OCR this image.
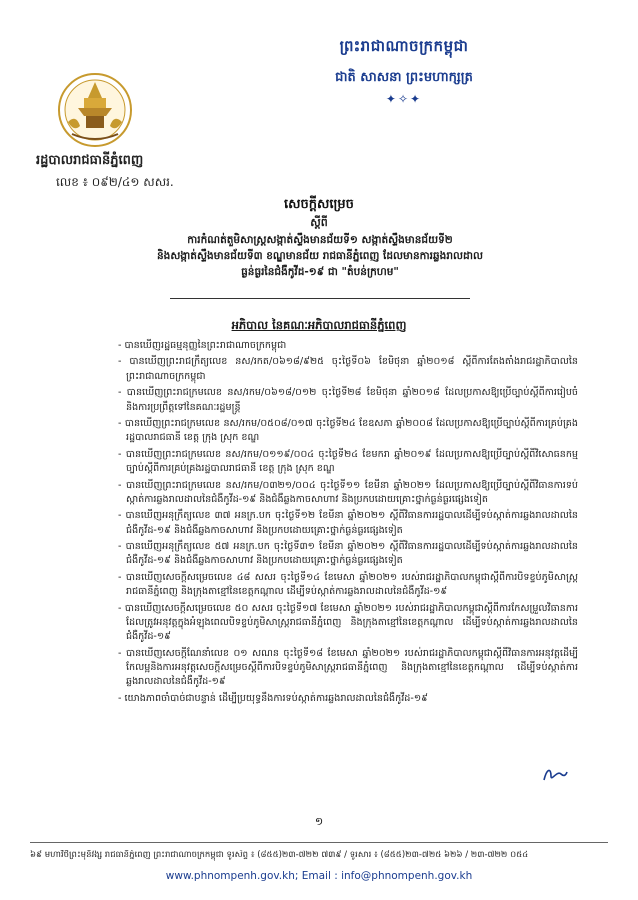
ព្រះរាជាណាចក្រកម្ពុជា
ជាតិ សាសនា ព្រះមហាក្សត្រ
✦✧✦
រដ្ឋបាលរាជធានីភ្នំពេញ
លេខ ៖ ០៩២/៤១ សសរ.
សេចក្តីសម្រេច
ស្តីពី
ការកំណត់តួមិសាស្ត្រសង្កាត់ស្ទឹងមានជ័យទី១ សង្កាត់ស្ទឹងមានជ័យទី២
និងសង្កាត់ស្ទឹងមានជ័យទី៣ ខណ្ឌមានជ័យ រាជធានីភ្នំពេញ ដែលមានការឆ្លងរាលដាល
ធ្ងន់ធ្ងរនៃជំងឺកូវីដ-១៩ ជា "តំបន់ក្រហម"
អភិបាល នៃគណៈអភិបាលរាជធានីភ្នំពេញ
- បានឃើញរដ្ឋធម្មនុញ្ញនៃព្រះរាជាណាចក្រកម្ពុជា
- បានឃើញព្រះរាជក្រឹត្យលេខ នស/រកត/០៦១៨/៩២៥ ចុះថ្ងៃទី០៦ ខែមិថុនា ឆ្នាំ២០១៨ ស្តីពីការតែងតាំងរាជរដ្ឋាភិបាលនៃព្រះរាជាណាចក្រកម្ពុជា
- បានឃើញព្រះរាជក្រមលេខ នស/រកម/០៦១៨/០១២ ចុះថ្ងៃទី២៨ ខែមិថុនា ឆ្នាំ២០១៨ ដែលប្រកាសឱ្យប្រើច្បាប់ស្តីពីការរៀបចំ និងការប្រព្រឹត្តទៅនៃគណៈរដ្ឋមន្ត្រី
- បានឃើញព្រះរាជក្រមលេខ នស/រកម/០៥០៨/០១៧ ចុះថ្ងៃទី២៤ ខែឧសភា ឆ្នាំ២០០៨ ដែលប្រកាសឱ្យប្រើច្បាប់ស្តីពីការគ្រប់គ្រងរដ្ឋបាលរាជធានី ខេត្ត ក្រុង ស្រុក ខណ្ឌ
- បានឃើញព្រះរាជក្រមលេខ នស/រកម/០១១៩/០០៤ ចុះថ្ងៃទី២៤ ខែមករា ឆ្នាំ២០១៩ ដែលប្រកាសឱ្យប្រើច្បាប់ស្តីពីវិសោធនកម្មច្បាប់ស្តីពីការគ្រប់គ្រងរដ្ឋបាលរាជធានី ខេត្ត ក្រុង ស្រុក ខណ្ឌ
- បានឃើញព្រះរាជក្រមលេខ នស/រកម/០៣២១/០០៤ ចុះថ្ងៃទី១១ ខែមីនា ឆ្នាំ២០២១ ដែលប្រកាសឱ្យប្រើច្បាប់ស្តីពីវិធានការទប់ស្កាត់ការឆ្លងរាលដាលនៃជំងឺកូវីដ-១៩ និងជំងឺឆ្លងកាចសាហាវ និងប្រកបដោយគ្រោះថ្នាក់ធ្ងន់ធ្ងរផ្សេងទៀត
- បានឃើញអនុក្រឹត្យលេខ ៣៧ អនក្រ.បក ចុះថ្ងៃទី១២ ខែមីនា ឆ្នាំ២០២១ ស្តីពីវិធានការរដ្ឋបាលដើម្បីទប់ស្កាត់ការឆ្លងរាលដាលនៃជំងឺកូវីដ-១៩ និងជំងឺឆ្លងកាចសាហាវ និងប្រកបដោយគ្រោះថ្នាក់ធ្ងន់ធ្ងរផ្សេងទៀត
- បានឃើញអនុក្រឹត្យលេខ ៥៧ អនក្រ.បក ចុះថ្ងៃទី៣១ ខែមីនា ឆ្នាំ២០២១ ស្តីពីវិធានការរដ្ឋបាលដើម្បីទប់ស្កាត់ការឆ្លងរាលដាលនៃជំងឺកូវីដ-១៩ និងជំងឺឆ្លងកាចសាហាវ និងប្រកបដោយគ្រោះថ្នាក់ធ្ងន់ធ្ងរផ្សេងទៀត
- បានឃើញសេចក្តីសម្រេចលេខ ៤៨ សសរ ចុះថ្ងៃទី១៤ ខែមេសា ឆ្នាំ២០២១ របស់រាជរដ្ឋាភិបាលកម្ពុជាស្តីពីការបិទខ្ទប់ភូមិសាស្ត្ររាជធានីភ្នំពេញ និងក្រុងតាខ្មៅនៃខេត្តកណ្តាល ដើម្បីទប់ស្កាត់ការឆ្លងរាលដាលនៃជំងឺកូវីដ-១៩
- បានឃើញសេចក្តីសម្រេចលេខ ៥០ សសរ ចុះថ្ងៃទី១៧ ខែមេសា ឆ្នាំ២០២១ របស់រាជរដ្ឋាភិបាលកម្ពុជាស្តីពីការកែសម្រួលវិធានការដែលត្រូវអនុវត្តក្នុងអំឡុងពេលបិទខ្ទប់ភូមិសាស្ត្ររាជធានីភ្នំពេញ និងក្រុងតាខ្មៅនៃខេត្តកណ្តាល ដើម្បីទប់ស្កាត់ការឆ្លងរាលដាលនៃជំងឺកូវីដ-១៩
- បានឃើញសេចក្តីណែនាំលេខ ០១ សណន ចុះថ្ងៃទី១៨ ខែមេសា ឆ្នាំ២០២១ របស់រាជរដ្ឋាភិបាលកម្ពុជាស្តីពីវិធានការអនុវត្តដើម្បីកែលម្អនិងការអនុវត្តសេចក្តីសម្រេចស្តីពីការបិទខ្ទប់ភូមិសាស្ត្ររាជធានីភ្នំពេញ និងក្រុងតាខ្មៅនៃខេត្តកណ្តាល ដើម្បីទប់ស្កាត់ការឆ្លងរាលដាលនៃជំងឺកូវីដ-១៩
- យោងភាពចាំបាច់ជាបន្ទាន់ ដើម្បីប្រយុទ្ធនឹងការទប់ស្កាត់ការឆ្លងរាលដាលនៃជំងឺកូវីដ-១៩
១
៦៩ មហាវិថីព្រះមុនីវង្ស រាជធានីភ្នំពេញ ព្រះរាជាណាចក្រកម្ពុជា ទូរស័ព្ទ ៖ (៨៥៥)២៣-៧២២ ៧៣៩ / ទូរសារ ៖ (៨៥៥)២៣-៧២៥ ៦២៦ / ២៣-៧២២ ០៥៤
www.phnompenh.gov.kh; Email : info@phnompenh.gov.kh
